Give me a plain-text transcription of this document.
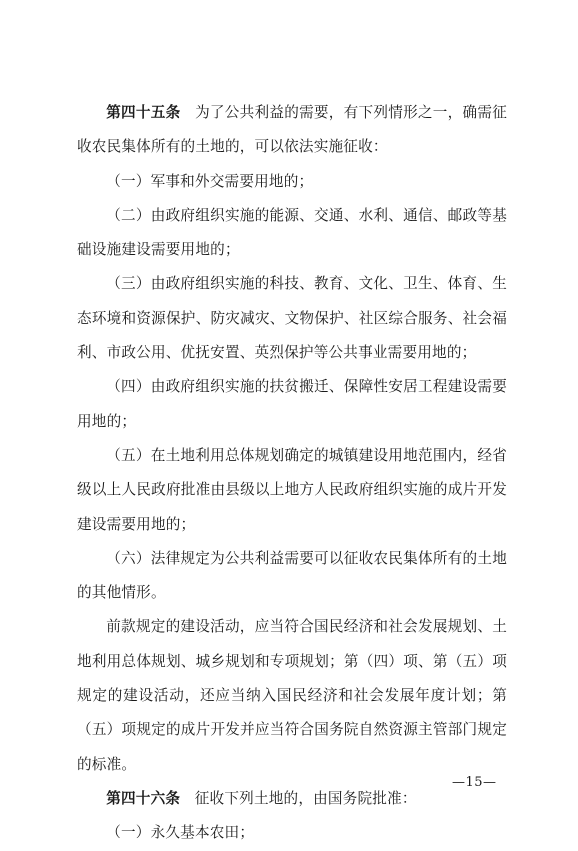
第四十五条 为了公共利益的需要，有下列情形之一，确需征收农民集体所有的土地的，可以依法实施征收：

（一）军事和外交需要用地的；

（二）由政府组织实施的能源、交通、水利、通信、邮政等基础设施建设需要用地的；

（三）由政府组织实施的科技、教育、文化、卫生、体育、生态环境和资源保护、防灾减灾、文物保护、社区综合服务、社会福利、市政公用、优抚安置、英烈保护等公共事业需要用地的；

（四）由政府组织实施的扶贫搬迁、保障性安居工程建设需要用地的；

（五）在土地利用总体规划确定的城镇建设用地范围内，经省级以上人民政府批准由县级以上地方人民政府组织实施的成片开发建设需要用地的；

（六）法律规定为公共利益需要可以征收农民集体所有的土地的其他情形。

前款规定的建设活动，应当符合国民经济和社会发展规划、土地利用总体规划、城乡规划和专项规划；第（四）项、第（五）项规定的建设活动，还应当纳入国民经济和社会发展年度计划；第（五）项规定的成片开发并应当符合国务院自然资源主管部门规定的标准。

第四十六条 征收下列土地的，由国务院批准：

（一）永久基本农田；

—15—
